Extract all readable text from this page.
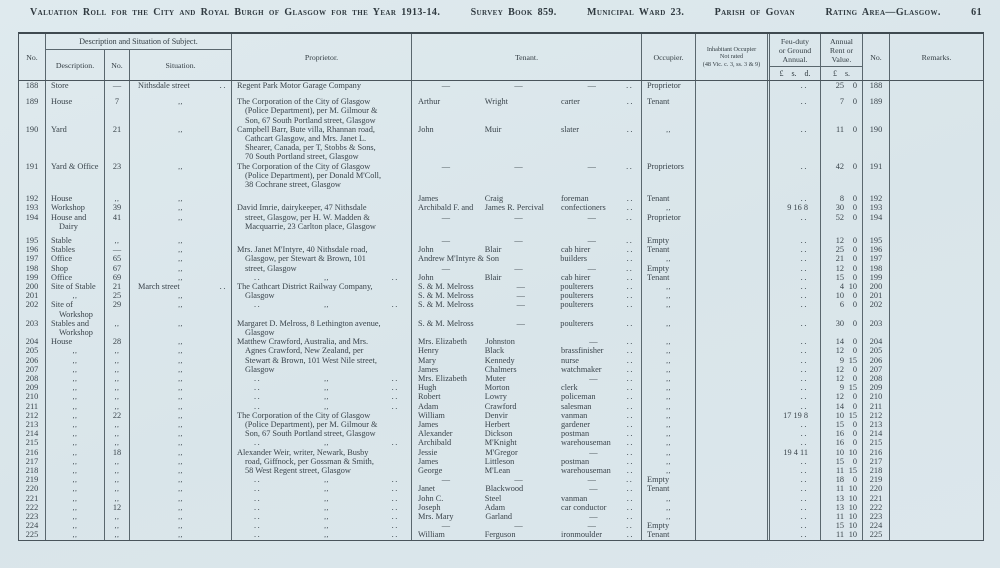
Valuation Roll for the City and Royal Burgh of Glasgow for the Year 1913-14.	Survey Book 859.	Municipal Ward 23.	Parish of Govan	Rating Area—Glasgow.	61
No.
Description and Situation of Subject.
Description.	No.	Situation.
Proprietor.	Tenant.	Occupier.
Inhabitant Occupier
Not rated
(48 Vic. c. 3, ss. 3 & 9)
Feu-duty
or Ground
Annual.
£ s. d.
Annual
Rent or
Value.
£ s.
No.	Remarks.
188	Store	—	Nithsdale street	..	Regent Park Motor Garage Company	—	—	—	..	Proprietor	..	25	0	188
189	House	7	,,	The Corporation of the City of Glasgow
(Police Department), per M. Gilmour &
Son, 67 South Portland street, Glasgow
Arthur	Wright	carter	..	Tenant	..	7	0	189
190	Yard	21	,,	Campbell Barr, Bute villa, Rhannan road,
Cathcart Glasgow, and Mrs. Janet L.
Shearer, Canada, per T, Stobbs & Sons,
70 South Portland street, Glasgow
John	Muir	slater	..	,,	..	11	0	190
191	Yard & Office	23	,,	The Corporation of the City of Glasgow
(Police Department), per Donald M'Coll,
38 Cochrane street, Glasgow
—	—	—	..	Proprietors	..	42	0	191
192	House	,,	,,	James	Craig	foreman	..	Tenant	..	8	0	192
193	Workshop	39	,,	David Imrie, dairykeeper, 47 Nithsdale
street, Glasgow, per H. W. Madden &
Macquarrie, 23 Carlton place, Glasgow
Archibald F. and	James R. Percival	confectioners	..	,,	9 16 8	30	0	193
194	House and
Dairy
41	,,	—	—	—	..	Proprietor	..	52	0	194
195	Stable	,,	,,	—	—	—	..	Empty	..	12	0	195
196	Stables	—	,,	Mrs. Janet M'Intyre, 40 Nithsdale road,
Glasgow, per Stewart & Brown, 101
street, Glasgow
John	Blair	cab hirer	..	Tenant	..	25	0	196
197	Office	65	,,	Andrew M'Intyre & Son	builders	..	,,	..	21	0	197
198	Shop	67	,,	—	—	—	..	Empty	..	12	0	198
199	Office	69	,,	..	,,	..	John	Blair	cab hirer	..	Tenant	..	15	0	199
200	Site of Stable	21	March street	..	The Cathcart District Railway Company,
Glasgow
S. & M. Melross	—	poulterers	..	,,	..	4 10	200
201	,,	25	,,	S. & M. Melross	—	poulterers	..	,,	..	10	0	201
202	Site of
Workshop
29	,,	..	,,	..	S. & M. Melross	—	poulterers	..	,,	..	6	0	202
203	Stables and
Workshop
,,	,,	Margaret D. Melross, 8 Lethington avenue,
Glasgow
S. & M. Melross	—	poulterers	..	,,	..	30	0	203
204	House	28	,,	Matthew Crawford, Australia, and Mrs.
Agnes Crawford, New Zealand, per
Stewart & Brown, 101 West Nile street,
Glasgow
Mrs. Elizabeth	Johnston	—	..	,,	..	14	0	204
205	,,	,,	,,	Henry	Black	brassfinisher	..	,,	..	12	0	205
206	,,	,,	,,	Mary	Kennedy	nurse	..	,,	..	9 15	206
207	,,	,,	,,	James	Chalmers	watchmaker	..	,,	..	12	0	207
208	,,	,,	,,	..	,,	..	Mrs. Elizabeth	Muter	—	..	,,	..	12	0	208
209	,,	,,	,,	..	,,	..	Hugh	Morton	clerk	..	,,	..	9 15	209
210	,,	,,	,,	..	,,	..	Robert	Lowry	policeman	..	,,	..	12	0	210
211	,,	,,	,,	..	,,	..	Adam	Crawford	salesman	..	,,	..	14	0	211
212	,,	22	,,	The Corporation of the City of Glasgow
(Police Department), per M. Gilmour &
Son, 67 South Portland street, Glasgow
William	Denvir	vanman	..	,,	17 19 8	10 15	212
213	,,	,,	,,	James	Herbert	gardener	..	,,	..	15	0	213
214	,,	,,	,,	Alexander	Dickson	postman	..	,,	..	16	0	214
215	,,	,,	,,	..	,,	..	Archibald	M'Knight	warehouseman	..	,,	..	16	0	215
216	,,	18	,,	Alexander Weir, writer, Newark, Busby
road, Giffnock, per Gossman & Smith,
58 West Regent street, Glasgow
Jessie	M'Gregor	—	..	,,	19 4 11	10 10	216
217	,,	,,	,,	James	Littleson	postman	..	,,	..	15	0	217
218	,,	,,	,,	George	M'Lean	warehouseman	..	,,	..	11 15	218
219	,,	,,	,,	..	,,	..	—	—	—	..	Empty	..	18	0	219
220	,,	,,	,,	..	,,	..	Janet	Blackwood	—	..	Tenant	..	11 10	220
221	,,	,,	,,	..	,,	..	John C.	Steel	vanman	..	,,	..	13 10	221
222	,,	12	,,	..	,,	..	Joseph	Adam	car conductor	..	,,	..	13 10	222
223	,,	,,	,,	..	,,	..	Mrs. Mary	Garland	—	..	,,	..	11 10	223
224	,,	,,	,,	..	,,	..	—	—	—	..	Empty	..	15 10	224
225	,,	,,	,,	..	,,	..	William	Ferguson	ironmoulder	..	Tenant	..	11 10	225
